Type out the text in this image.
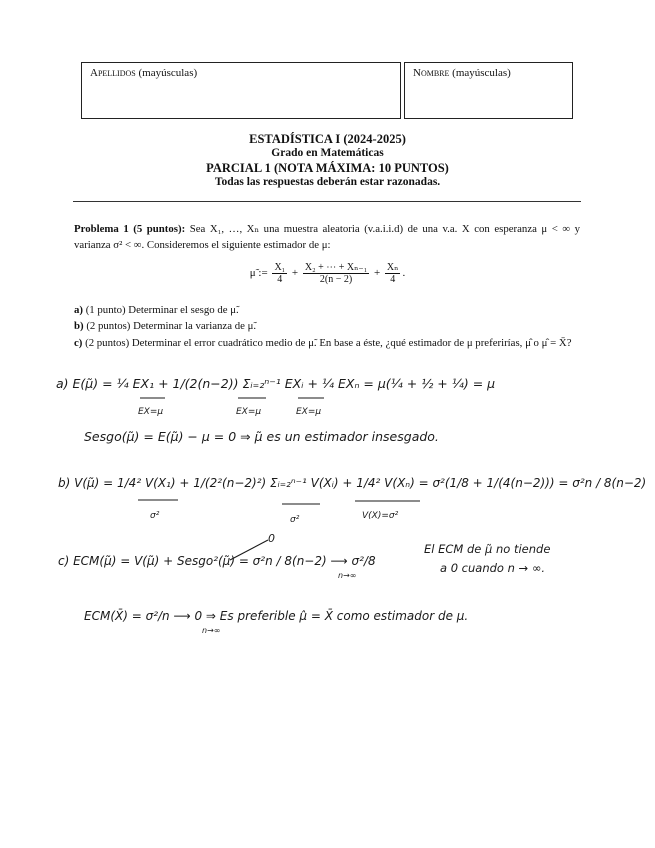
Apellidos (mayúsculas)	Nombre (mayúsculas)
ESTADÍSTICA I (2024-2025)
Grado en Matemáticas
PARCIAL 1 (NOTA MÁXIMA: 10 PUNTOS)
Todas las respuestas deberán estar razonadas.
Problema 1 (5 puntos): Sea X₁, …, Xₙ una muestra aleatoria (v.a.i.i.d) de una v.a. X con esperanza μ < ∞ y varianza σ² < ∞. Consideremos el siguiente estimador de μ:
μ̃ := $\frac{\text{X₁}}{4} + \frac{\text{X₂ + ⋯ + Xₙ₋₁}}{2(n - 2)} + \frac{\text{Xₙ}}{4}$ .
a) (1 punto) Determinar el sesgo de μ̃.
b) (2 puntos) Determinar la varianza de μ̃.
c) (2 puntos) Determinar el error cuadrático medio de μ̃. En base a éste, ¿qué estimador de μ preferirías, μ̂ o μ̂ = X̄?
a) E(μ̃) = ¼ EX₁ + 1/(2(n−2)) Σᵢ₌₂ⁿ⁻¹ EXᵢ + ¼ EXₙ = μ(¼ + ½ + ¼) = μ
EX=μ	EX=μ	EX=μ
Sesgo(μ̃) = E(μ̃) − μ = 0 ⇒ μ̃ es un estimador insesgado.
b) V(μ̃) = 1/4² V(X₁) + 1/(2²(n−2)²) Σᵢ₌₂ⁿ⁻¹ V(Xᵢ) + 1/4² V(Xₙ) = σ²(1/8 + 1/(4(n−2))) = σ²n / 8(n−2)
σ²	σ²	V(X)=σ²
c) ECM(μ̃) = V(μ̃) + Sesgo²(μ̃) = σ²n / 8(n−2) ⟶ σ²/8
0
n→∞
El ECM de μ̃ no tiende
a 0 cuando n → ∞.
ECM(X̄) = σ²/n ⟶ 0 ⇒ Es preferible μ̂ = X̄ como estimador de μ.
n→∞
